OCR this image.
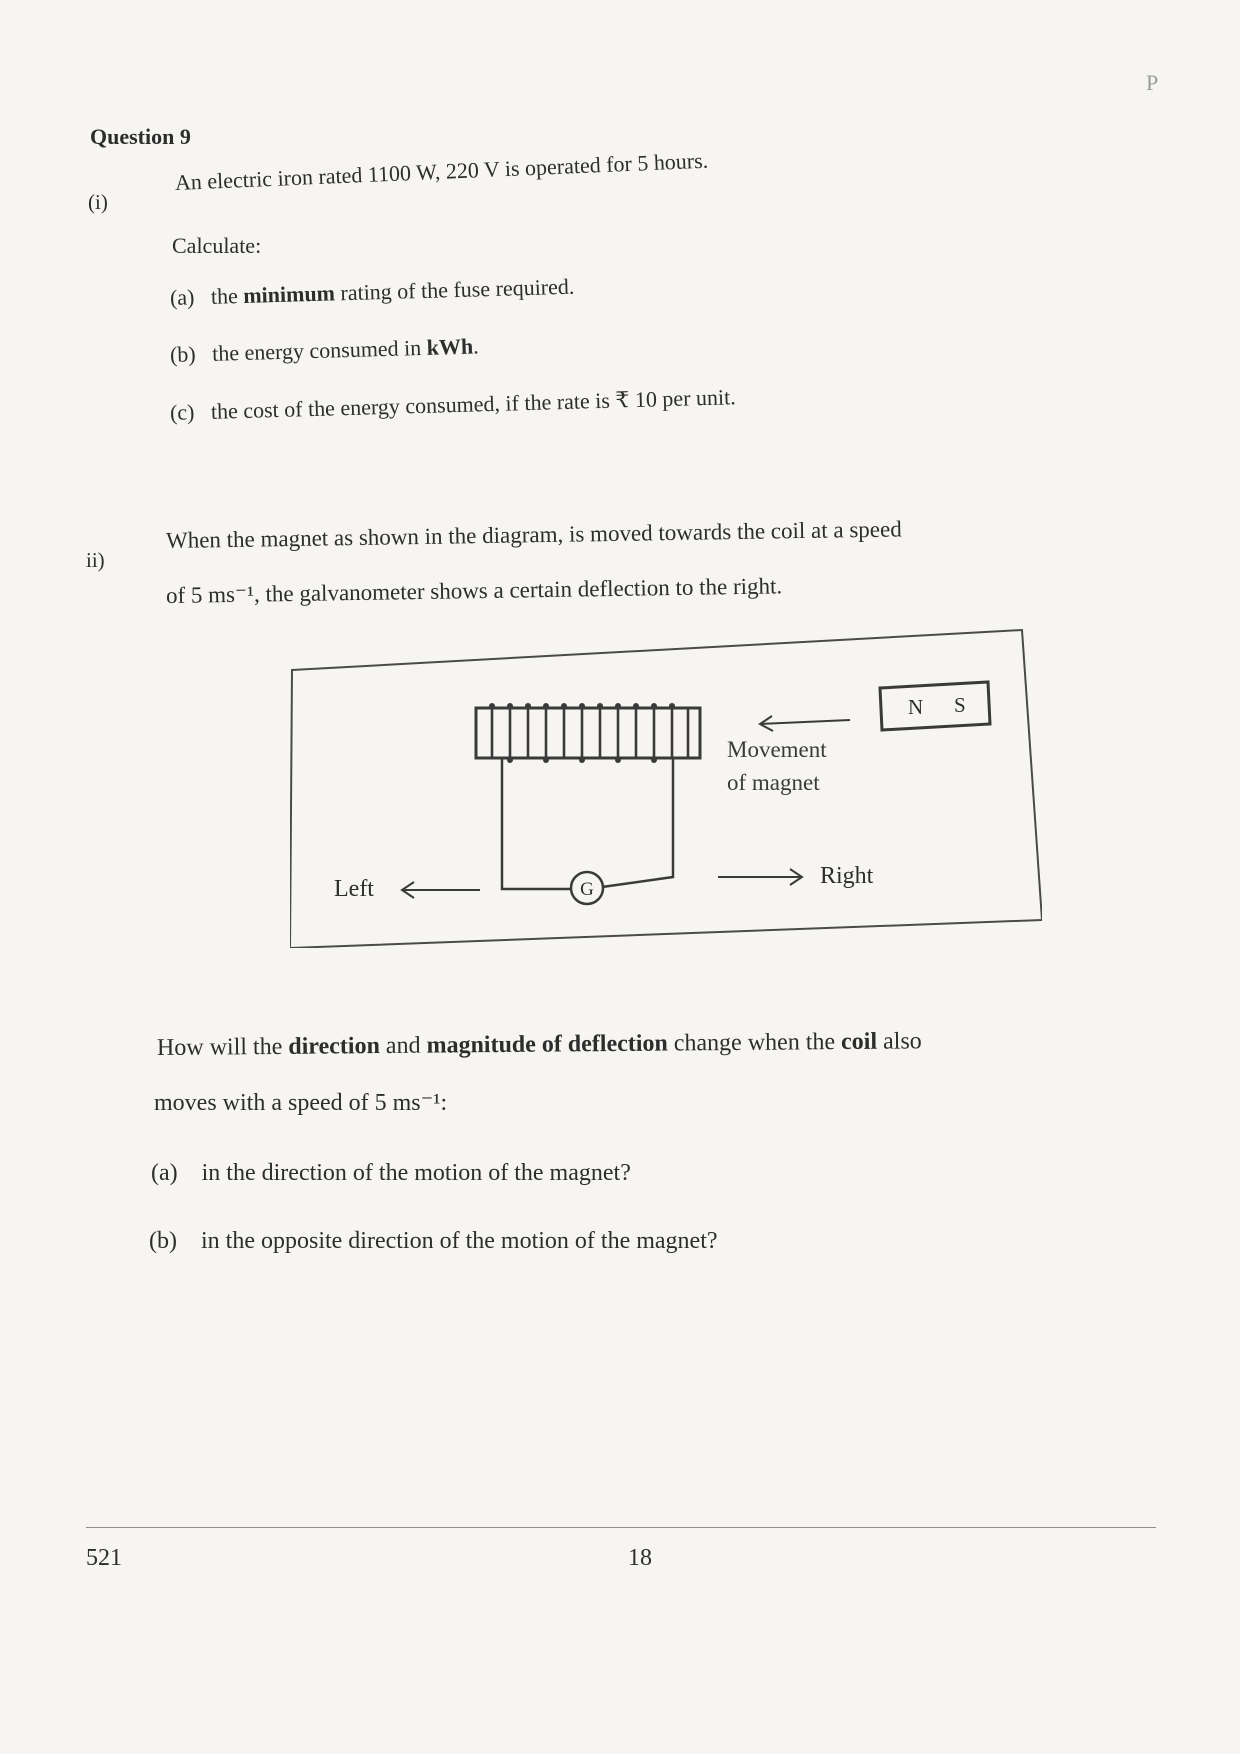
P
Question 9
(i)
An electric iron rated 1100 W, 220 V is operated for 5 hours.
Calculate:
(a) the minimum rating of the fuse required.
(b) the energy consumed in kWh.
(c) the cost of the energy consumed, if the rate is ₹ 10 per unit.
ii)
When the magnet as shown in the diagram, is moved towards the coil at a speed
of 5 ms⁻¹, the galvanometer shows a certain deflection to the right.
G
N S
Movement
of magnet
Left	Right
How will the direction and magnitude of deflection change when the coil also
moves with a speed of 5 ms⁻¹:
(a) in the direction of the motion of the magnet?
(b) in the opposite direction of the motion of the magnet?
521	18
